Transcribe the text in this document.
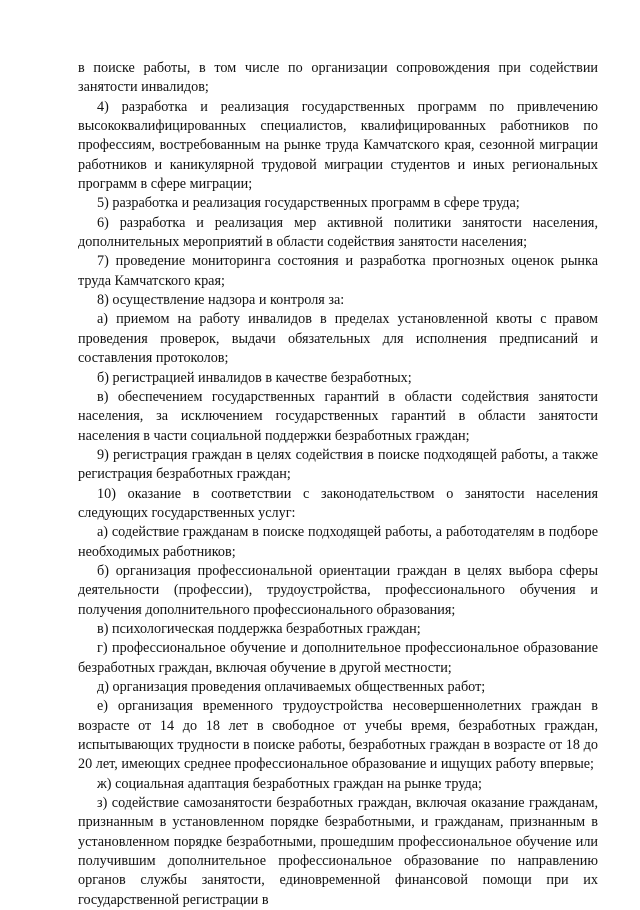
в поиске работы, в том числе по организации сопровождения при содействии занятости инвалидов;

4) разработка и реализация государственных программ по привлечению высококвалифицированных специалистов, квалифицированных работников по профессиям, востребованным на рынке труда Камчатского края, сезонной миграции работников и каникулярной трудовой миграции студентов и иных региональных программ в сфере миграции;

5) разработка и реализация государственных программ в сфере труда;

6) разработка и реализация мер активной политики занятости населения, дополнительных мероприятий в области содействия занятости населения;

7) проведение мониторинга состояния и разработка прогнозных оценок рынка труда Камчатского края;

8) осуществление надзора и контроля за:

а) приемом на работу инвалидов в пределах установленной квоты с правом проведения проверок, выдачи обязательных для исполнения предписаний и составления протоколов;

б) регистрацией инвалидов в качестве безработных;

в) обеспечением государственных гарантий в области содействия занятости населения, за исключением государственных гарантий в области занятости населения в части социальной поддержки безработных граждан;

9) регистрация граждан в целях содействия в поиске подходящей работы, а также регистрация безработных граждан;

10) оказание в соответствии с законодательством о занятости населения следующих государственных услуг:

а) содействие гражданам в поиске подходящей работы, а работодателям в подборе необходимых работников;

б) организация профессиональной ориентации граждан в целях выбора сферы деятельности (профессии), трудоустройства, профессионального обучения и получения дополнительного профессионального образования;

в) психологическая поддержка безработных граждан;

г) профессиональное обучение и дополнительное профессиональное образование безработных граждан, включая обучение в другой местности;

д) организация проведения оплачиваемых общественных работ;

е) организация временного трудоустройства несовершеннолетних граждан в возрасте от 14 до 18 лет в свободное от учебы время, безработных граждан, испытывающих трудности в поиске работы, безработных граждан в возрасте от 18 до 20 лет, имеющих среднее профессиональное образование и ищущих работу впервые;

ж) социальная адаптация безработных граждан на рынке труда;

з) содействие самозанятости безработных граждан, включая оказание гражданам, признанным в установленном порядке безработными, и гражданам, признанным в установленном порядке безработными, прошедшим профессиональное обучение или получившим дополнительное профессиональное образование по направлению органов службы занятости, единовременной финансовой помощи при их государственной регистрации в
